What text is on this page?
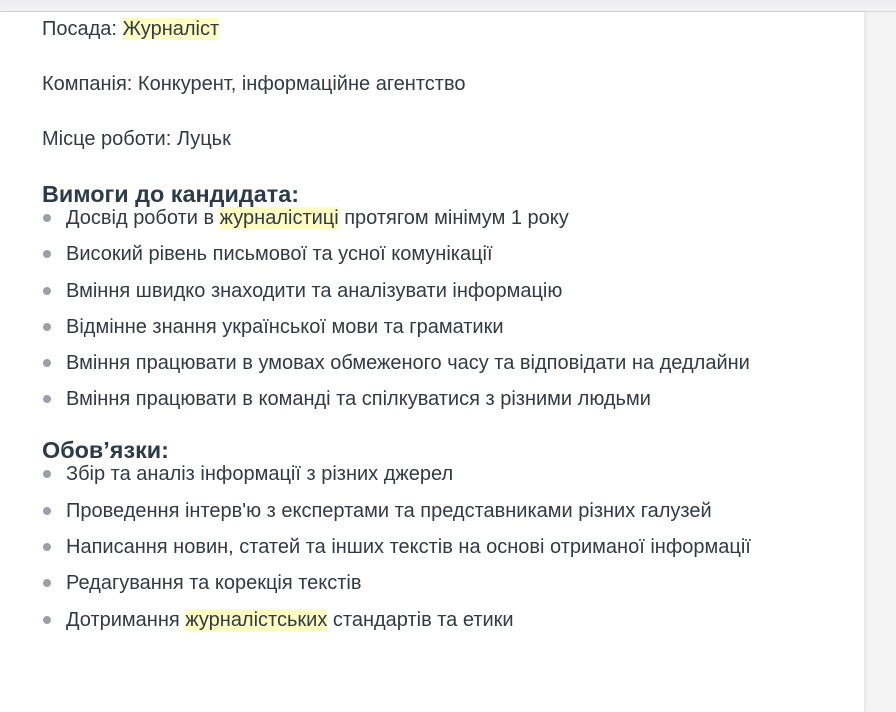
Посада: Журналіст

Компанія: Конкурент, інформаційне агентство

Місце роботи: Луцьк

Вимоги до кандидата:
Досвід роботи в журналістиці протягом мінімум 1 року
Високий рівень письмової та усної комунікації
Вміння швидко знаходити та аналізувати інформацію
Відмінне знання української мови та граматики
Вміння працювати в умовах обмеженого часу та відповідати на дедлайни
Вміння працювати в команді та спілкуватися з різними людьми
Обов’язки:
Збір та аналіз інформації з різних джерел
Проведення інтерв'ю з експертами та представниками різних галузей
Написання новин, статей та інших текстів на основі отриманої інформації
Редагування та корекція текстів
Дотримання журналістських стандартів та етики
